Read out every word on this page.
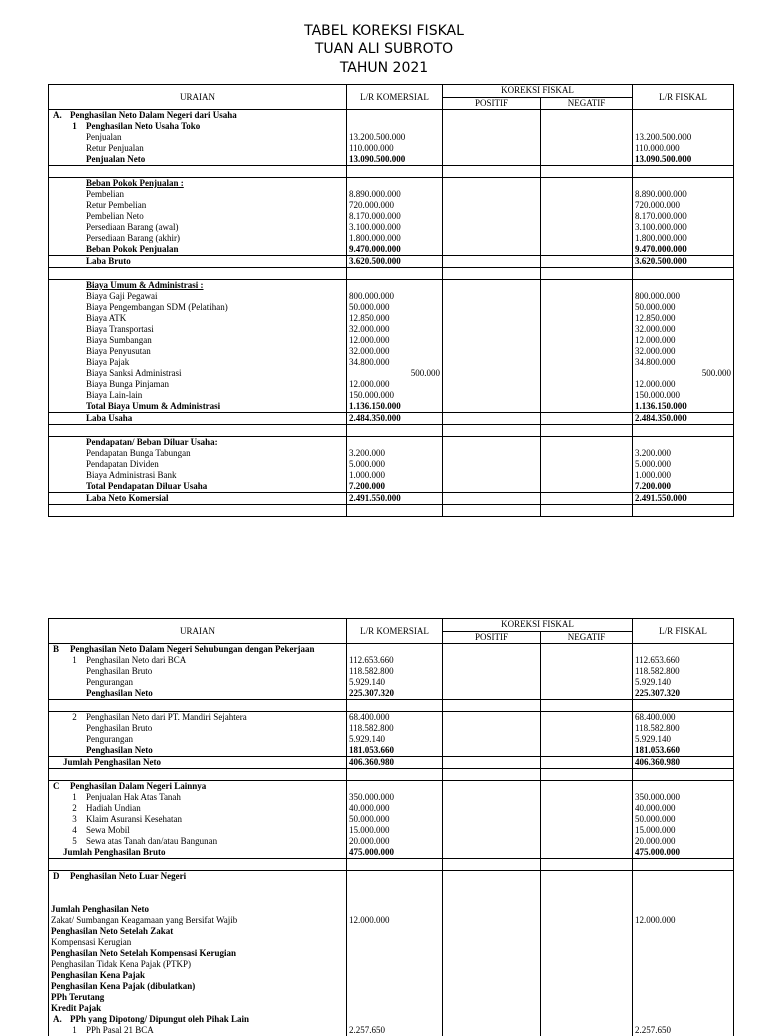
TABEL KOREKSI FISKAL
TUAN ALI SUBROTO
TAHUN 2021
URAIAN	L/R KOMERSIAL	KOREKSI FISKAL		L/R FISKAL
		POSITIF	NEGATIF	
A. Penghasilan Neto Dalam Negeri dari Usaha				
1 Penghasilan Neto Usaha Toko				
Penjualan	13.200.500.000			13.200.500.000
Retur Penjualan	110.000.000			110.000.000
Penjualan Neto	13.090.500.000			13.090.500.000

Beban Pokok Penjualan :				
Pembelian	8.890.000.000			8.890.000.000
Retur Pembelian	720.000.000			720.000.000
Pembelian Neto	8.170.000.000			8.170.000.000
Persediaan Barang (awal)	3.100.000.000			3.100.000.000
Persediaan Barang (akhir)	1.800.000.000			1.800.000.000
Beban Pokok Penjualan	9.470.000.000			9.470.000.000
Laba Bruto	3.620.500.000			3.620.500.000

Biaya Umum & Administrasi :				
Biaya Gaji Pegawai	800.000.000			800.000.000
Biaya Pengembangan SDM (Pelatihan)	50.000.000			50.000.000
Biaya ATK	12.850.000			12.850.000
Biaya Transportasi	32.000.000			32.000.000
Biaya Sumbangan	12.000.000			12.000.000
Biaya Penyusutan	32.000.000			32.000.000
Biaya Pajak	34.800.000			34.800.000
Biaya Sanksi Administrasi	500.000			500.000
Biaya Bunga Pinjaman	12.000.000			12.000.000
Biaya Lain-lain	150.000.000			150.000.000
Total Biaya Umum & Administrasi	1.136.150.000			1.136.150.000
Laba Usaha	2.484.350.000			2.484.350.000

Pendapatan/ Beban Diluar Usaha:				
Pendapatan Bunga Tabungan	3.200.000			3.200.000
Pendapatan Dividen	5.000.000			5.000.000
Biaya Administrasi Bank	1.000.000			1.000.000
Total Pendapatan Diluar Usaha	7.200.000			7.200.000
Laba Neto Komersial	2.491.550.000			2.491.550.000

URAIAN	L/R KOMERSIAL	KOREKSI FISKAL		L/R FISKAL
		POSITIF	NEGATIF	
B Penghasilan Neto Dalam Negeri Sehubungan dengan Pekerjaan				
1 Penghasilan Neto dari BCA	112.653.660			112.653.660
Penghasilan Bruto	118.582.800			118.582.800
Pengurangan	5.929.140			5.929.140
Penghasilan Neto	225.307.320			225.307.320

2 Penghasilan Neto dari PT. Mandiri Sejahtera	68.400.000			68.400.000
Penghasilan Bruto	118.582.800			118.582.800
Pengurangan	5.929.140			5.929.140
Penghasilan Neto	181.053.660			181.053.660
Jumlah Penghasilan Neto	406.360.980			406.360.980

C Penghasilan Dalam Negeri Lainnya				
1 Penjualan Hak Atas Tanah	350.000.000			350.000.000
2 Hadiah Undian	40.000.000			40.000.000
3 Klaim Asuransi Kesehatan	50.000.000			50.000.000
4 Sewa Mobil	15.000.000			15.000.000
5 Sewa atas Tanah dan/atau Bangunan	20.000.000			20.000.000
Jumlah Penghasilan Bruto	475.000.000			475.000.000

D Penghasilan Neto Luar Negeri				

Jumlah Penghasilan Neto				
Zakat/ Sumbangan Keagamaan yang Bersifat Wajib	12.000.000			12.000.000
Penghasilan Neto Setelah Zakat				
Kompensasi Kerugian				
Penghasilan Neto Setelah Kompensasi Kerugian				
Penghasilan Tidak Kena Pajak (PTKP)				
Penghasilan Kena Pajak				
Penghasilan Kena Pajak (dibulatkan)				
PPh Terutang				
Kredit Pajak				
A. PPh yang Dipotong/ Dipungut oleh Pihak Lain				
1 PPh Pasal 21 BCA	2.257.650			2.257.650
